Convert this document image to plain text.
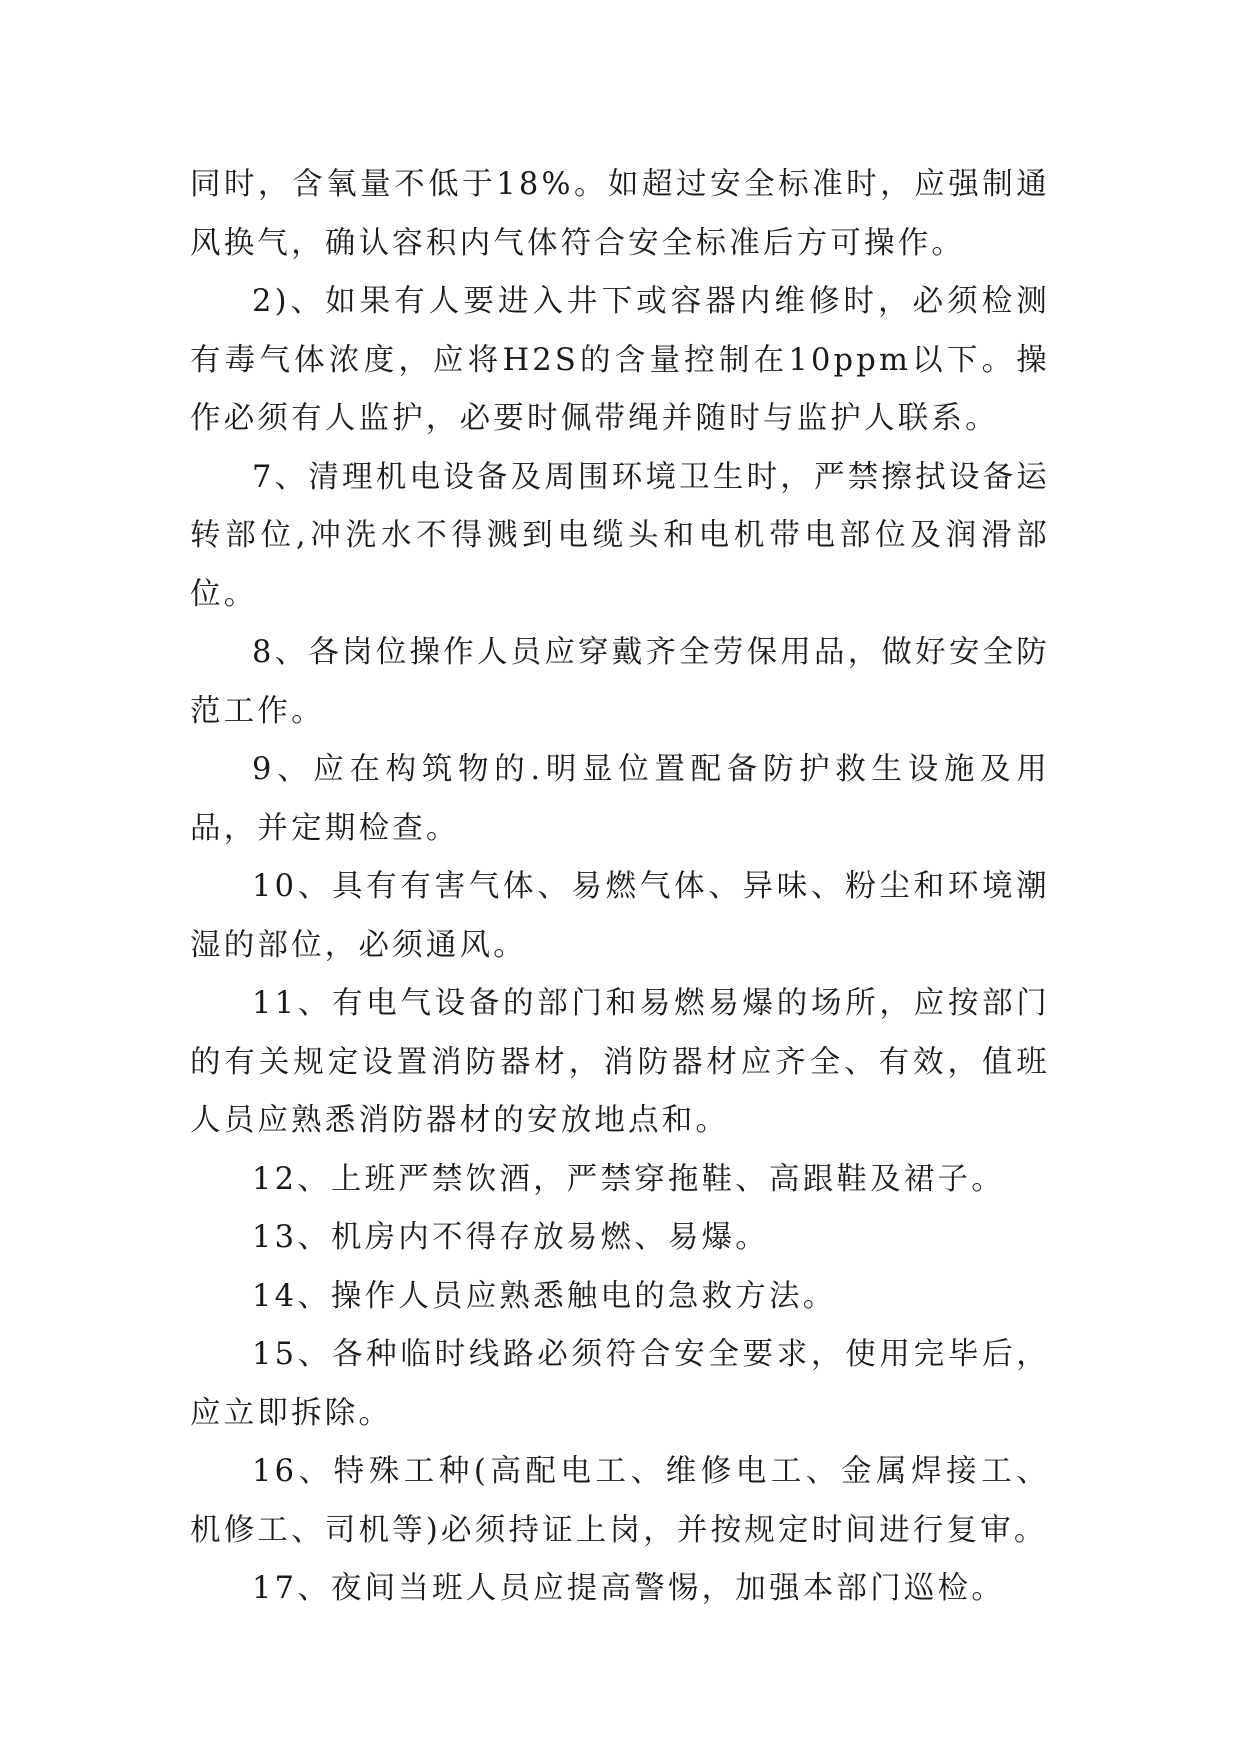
同时，含氧量不低于18%。如超过安全标准时，应强制通风换气，确认容积内气体符合安全标准后方可操作。

2)、如果有人要进入井下或容器内维修时，必须检测有毒气体浓度，应将H2S的含量控制在10ppm以下。操作必须有人监护，必要时佩带绳并随时与监护人联系。

7、清理机电设备及周围环境卫生时，严禁擦拭设备运转部位,冲洗水不得溅到电缆头和电机带电部位及润滑部位。

8、各岗位操作人员应穿戴齐全劳保用品，做好安全防范工作。

9、应在构筑物的.明显位置配备防护救生设施及用品，并定期检查。

10、具有有害气体、易燃气体、异味、粉尘和环境潮湿的部位，必须通风。

11、有电气设备的部门和易燃易爆的场所，应按部门的有关规定设置消防器材，消防器材应齐全、有效，值班人员应熟悉消防器材的安放地点和。

12、上班严禁饮酒，严禁穿拖鞋、高跟鞋及裙子。

13、机房内不得存放易燃、易爆。

14、操作人员应熟悉触电的急救方法。

15、各种临时线路必须符合安全要求，使用完毕后，应立即拆除。

16、特殊工种(高配电工、维修电工、金属焊接工、机修工、司机等)必须持证上岗，并按规定时间进行复审。

17、夜间当班人员应提高警惕，加强本部门巡检。
